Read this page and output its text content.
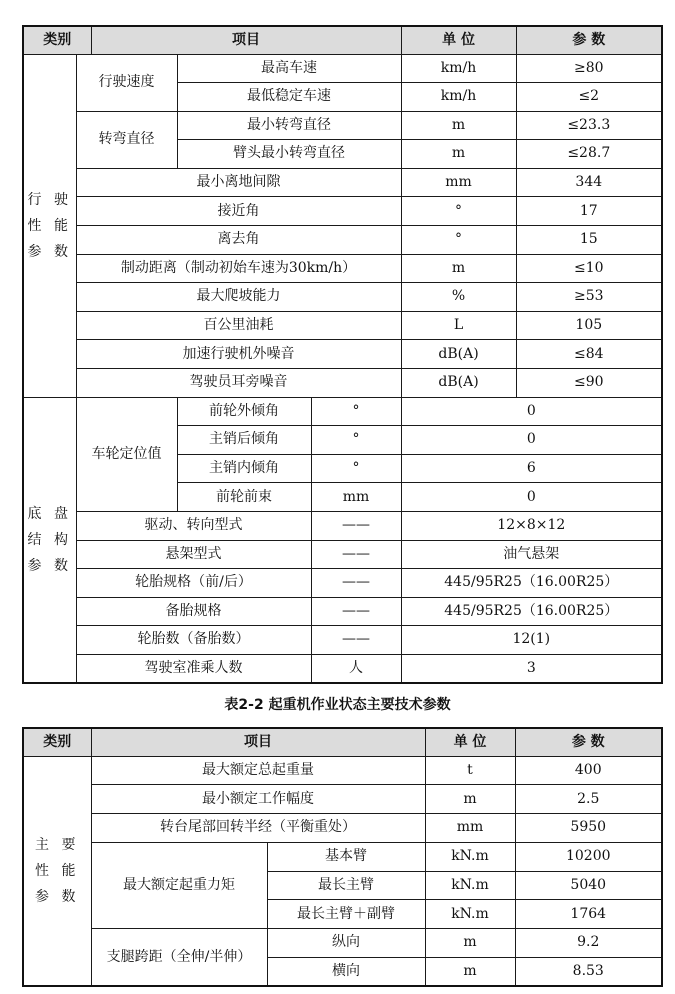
类别		项目			单 位	参 数
行 驶 性 能 参 数	行驶速度		最高车速		km/h	≥80
			最低稳定车速		km/h	≤2
	转弯直径		最小转弯直径		m	≤23.3
			臂头最小转弯直径		m	≤28.7
	最小离地间隙				mm	344
	接近角				°	17
	离去角				°	15
	制动距离（制动初始车速为30km/h）				m	≤10
	最大爬坡能力				%	≥53
	百公里油耗				L	105
	加速行驶机外噪音				dB(A)	≤84
	驾驶员耳旁噪音				dB(A)	≤90
底 盘 结 构 参 数	车轮定位值		前轮外倾角	°	0	
			主销后倾角	°	0	
			主销内倾角	°	6	
			前轮前束	mm	0	
	驱动、转向型式			——	12×8×12	
	悬架型式			——	油气悬架	
	轮胎规格（前/后）			——	445/95R25（16.00R25）	
	备胎规格			——	445/95R25（16.00R25）	
	轮胎数（备胎数）			——	12(1)	
	驾驶室准乘人数			人	3	
表2-2 起重机作业状态主要技术参数
类别	项目		单 位	参 数
主 要 性 能 参 数	最大额定总起重量		t	400
	最小额定工作幅度		m	2.5
	转台尾部回转半经（平衡重处）		mm	5950
	最大额定起重力矩	基本臂	kN.m	10200
		最长主臂	kN.m	5040
		最长主臂＋副臂	kN.m	1764
	支腿跨距（全伸/半伸）	纵向	m	9.2
		横向	m	8.53
